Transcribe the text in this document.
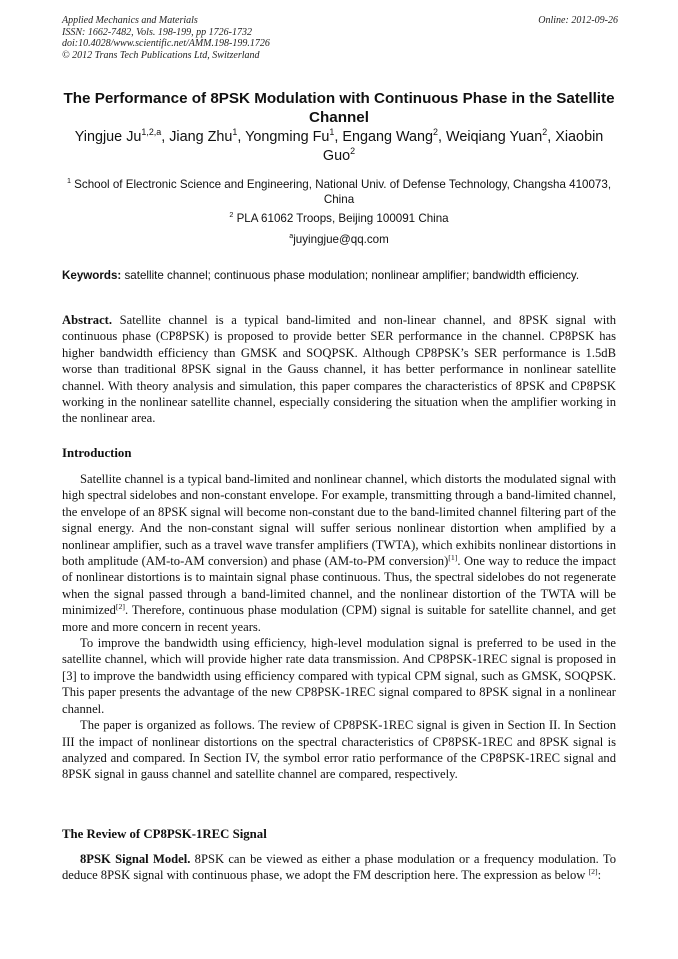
Applied Mechanics and Materials
ISSN: 1662-7482, Vols. 198-199, pp 1726-1732
doi:10.4028/www.scientific.net/AMM.198-199.1726
© 2012 Trans Tech Publications Ltd, Switzerland
Online: 2012-09-26
The Performance of 8PSK Modulation with Continuous Phase in the Satellite Channel
Yingjue Ju$^{1,2,a}$, Jiang Zhu$^1$, Yongming Fu$^1$, Engang Wang$^2$, Weiqiang Yuan$^2$, Xiaobin Guo$^2$
$^1$ School of Electronic Science and Engineering, National Univ. of Defense Technology, Changsha 410073, China
$^2$ PLA 61062 Troops, Beijing 100091 China
$^a$juyingjue@qq.com
Keywords: satellite channel; continuous phase modulation; nonlinear amplifier; bandwidth efficiency.
Abstract. Satellite channel is a typical band-limited and non-linear channel, and 8PSK signal with continuous phase (CP8PSK) is proposed to provide better SER performance in the channel. CP8PSK has higher bandwidth efficiency than GMSK and SOQPSK. Although CP8PSK’s SER performance is 1.5dB worse than traditional 8PSK signal in the Gauss channel, it has better performance in nonlinear satellite channel. With theory analysis and simulation, this paper compares the characteristics of 8PSK and CP8PSK working in the nonlinear satellite channel, especially considering the situation when the amplifier working in the nonlinear area.
Introduction

Satellite channel is a typical band-limited and nonlinear channel, which distorts the modulated signal with high spectral sidelobes and non-constant envelope. For example, transmitting through a band-limited channel, the envelope of an 8PSK signal will become non-constant due to the band-limited channel filtering part of the signal energy. And the non-constant signal will suffer serious nonlinear distortion when amplified by a nonlinear amplifier, such as a travel wave transfer amplifiers (TWTA), which exhibits nonlinear distortions in both amplitude (AM-to-AM conversion) and phase (AM-to-PM conversion)[1]. One way to reduce the impact of nonlinear distortions is to maintain signal phase continuous. Thus, the spectral sidelobes do not regenerate when the signal passed through a band-limited channel, and the nonlinear distortion of the TWTA will be minimized[2]. Therefore, continuous phase modulation (CPM) signal is suitable for satellite channel, and get more and more concern in recent years.

To improve the bandwidth using efficiency, high-level modulation signal is preferred to be used in the satellite channel, which will provide higher rate data transmission. And CP8PSK-1REC signal is proposed in [3] to improve the bandwidth using efficiency compared with typical CPM signal, such as GMSK, SOQPSK. This paper presents the advantage of the new CP8PSK-1REC signal compared to 8PSK signal in a nonlinear channel.

The paper is organized as follows. The review of CP8PSK-1REC signal is given in Section II. In Section III the impact of nonlinear distortions on the spectral characteristics of CP8PSK-1REC and 8PSK signal is analyzed and compared. In Section IV, the symbol error ratio performance of the CP8PSK-1REC signal and 8PSK signal in gauss channel and satellite channel are compared, respectively.

The Review of CP8PSK-1REC Signal

8PSK Signal Model. 8PSK can be viewed as either a phase modulation or a frequency modulation. To deduce 8PSK signal with continuous phase, we adopt the FM description here. The expression as below [2]:
